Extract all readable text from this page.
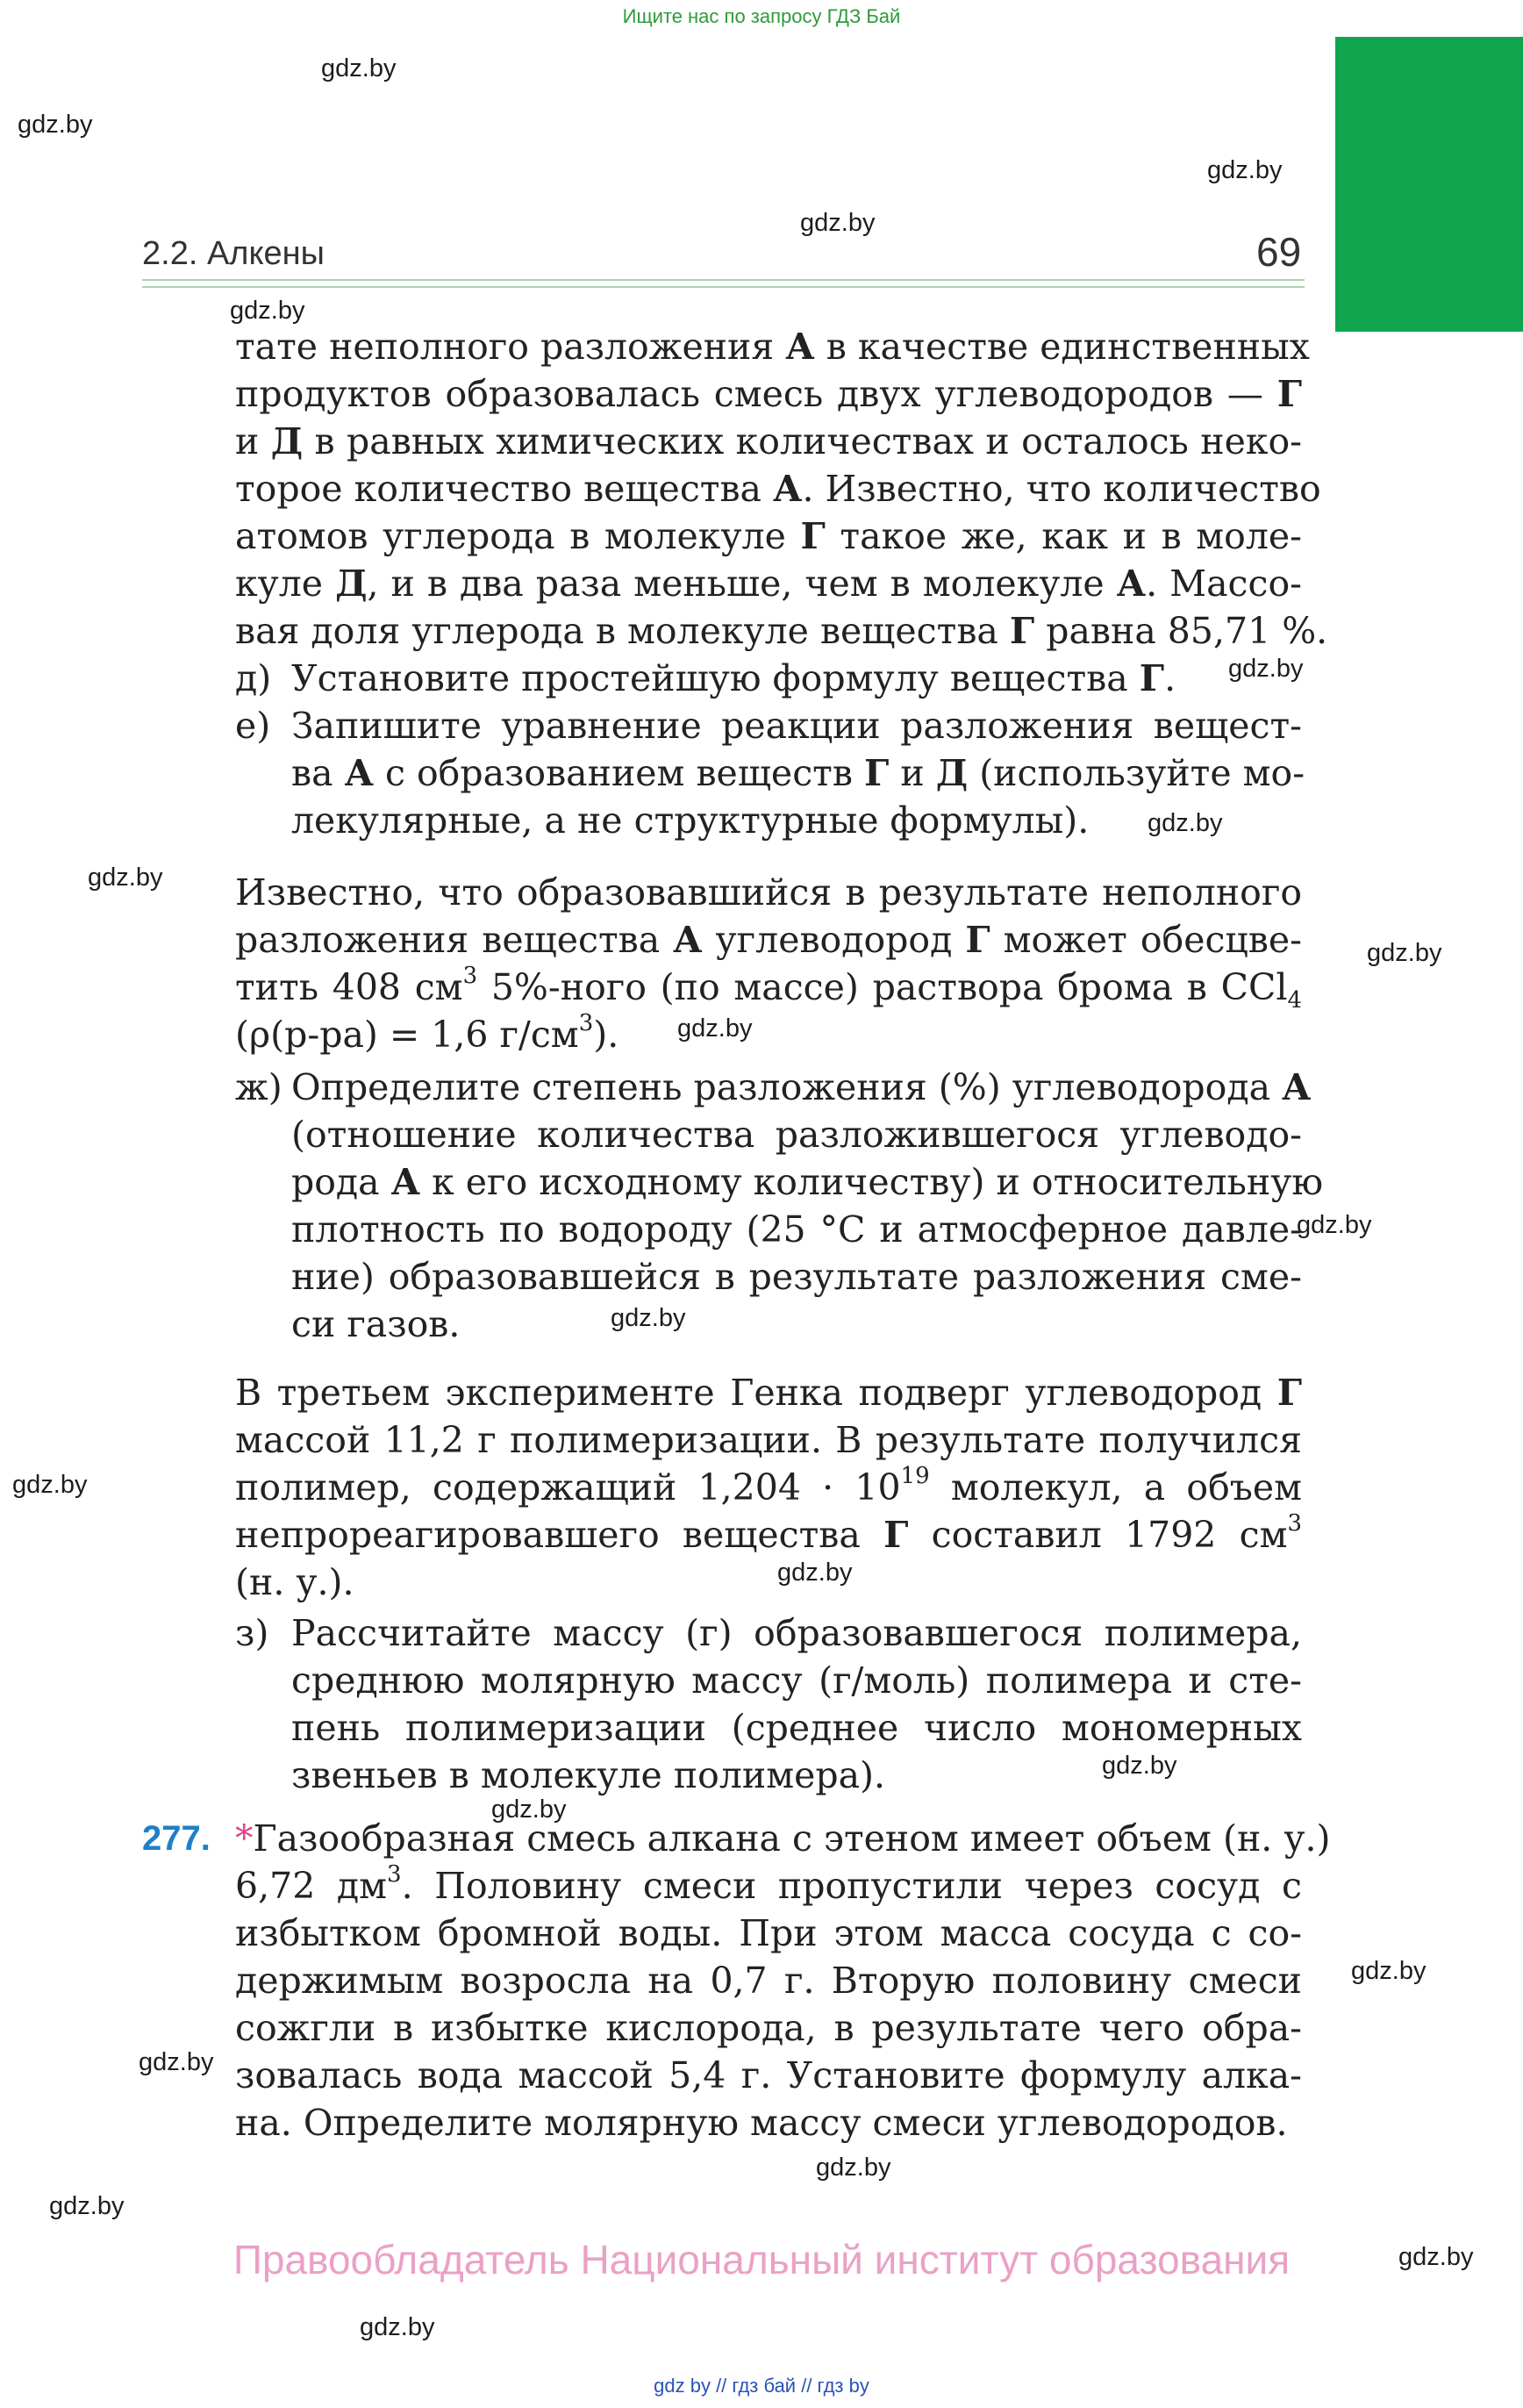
Ищите нас по запросу ГДЗ Бай
2.2. Алкены	69
gdz.by
gdz.by
gdz.by
gdz.by
gdz.by
gdz.by
gdz.by
gdz.by
gdz.by
gdz.by
gdz.by
gdz.by
gdz.by
gdz.by
gdz.by
gdz.by
gdz.by
gdz.by
gdz.by
gdz.by
gdz.by
gdz.by
тате неполного разложения А в качестве единственных
продуктов образовалась смесь двух углеводородов — Г
и Д в равных химических количествах и осталось неко-
торое количество вещества А. Известно, что количество
атомов углерода в молекуле Г такое же, как и в моле-
куле Д, и в два раза меньше, чем в молекуле А. Массо-
вая доля углерода в молекуле вещества Г равна 85,71 %.
д) Установите простейшую формулу вещества Г.
е) Запишите уравнение реакции разложения вещест-
ва А с образованием веществ Г и Д (используйте мо-
лекулярные, а не структурные формулы).
Известно, что образовавшийся в результате неполного
разложения вещества А углеводород Г может обесцве-
тить 408 $см^3$ 5%-ного (по массе) раствора брома в CCl$_4$
(ρ(р-ра) = 1,6 $г/см^3$).
ж) Определите степень разложения (%) углеводорода А
(отношение количества разложившегося углеводо-
рода А к его исходному количеству) и относительную
плотность по водороду (25 °С и атмосферное давле-
ние) образовавшейся в результате разложения сме-
си газов.
В третьем эксперименте Генка подверг углеводород Г
массой 11,2 г полимеризации. В результате получился
полимер, содержащий $1,204 \cdot 10^{19}$ молекул, а объем
непрореагировавшего вещества Г составил 1792 $см^3$
(н. у.).
з) Рассчитайте массу (г) образовавшегося полимера,
среднюю молярную массу (г/моль) полимера и сте-
пень полимеризации (среднее число мономерных
звеньев в молекуле полимера).
277. *Газообразная смесь алкана с этеном имеет объем (н. у.)
6,72 $дм^3$. Половину смеси пропустили через сосуд с
избытком бромной воды. При этом масса сосуда с со-
держимым возросла на 0,7 г. Вторую половину смеси
сожгли в избытке кислорода, в результате чего обра-
зовалась вода массой 5,4 г. Установите формулу алка-
на. Определите молярную массу смеси углеводородов.
Правообладатель Национальный институт образования
gdz by // гдз бай // гдз by
